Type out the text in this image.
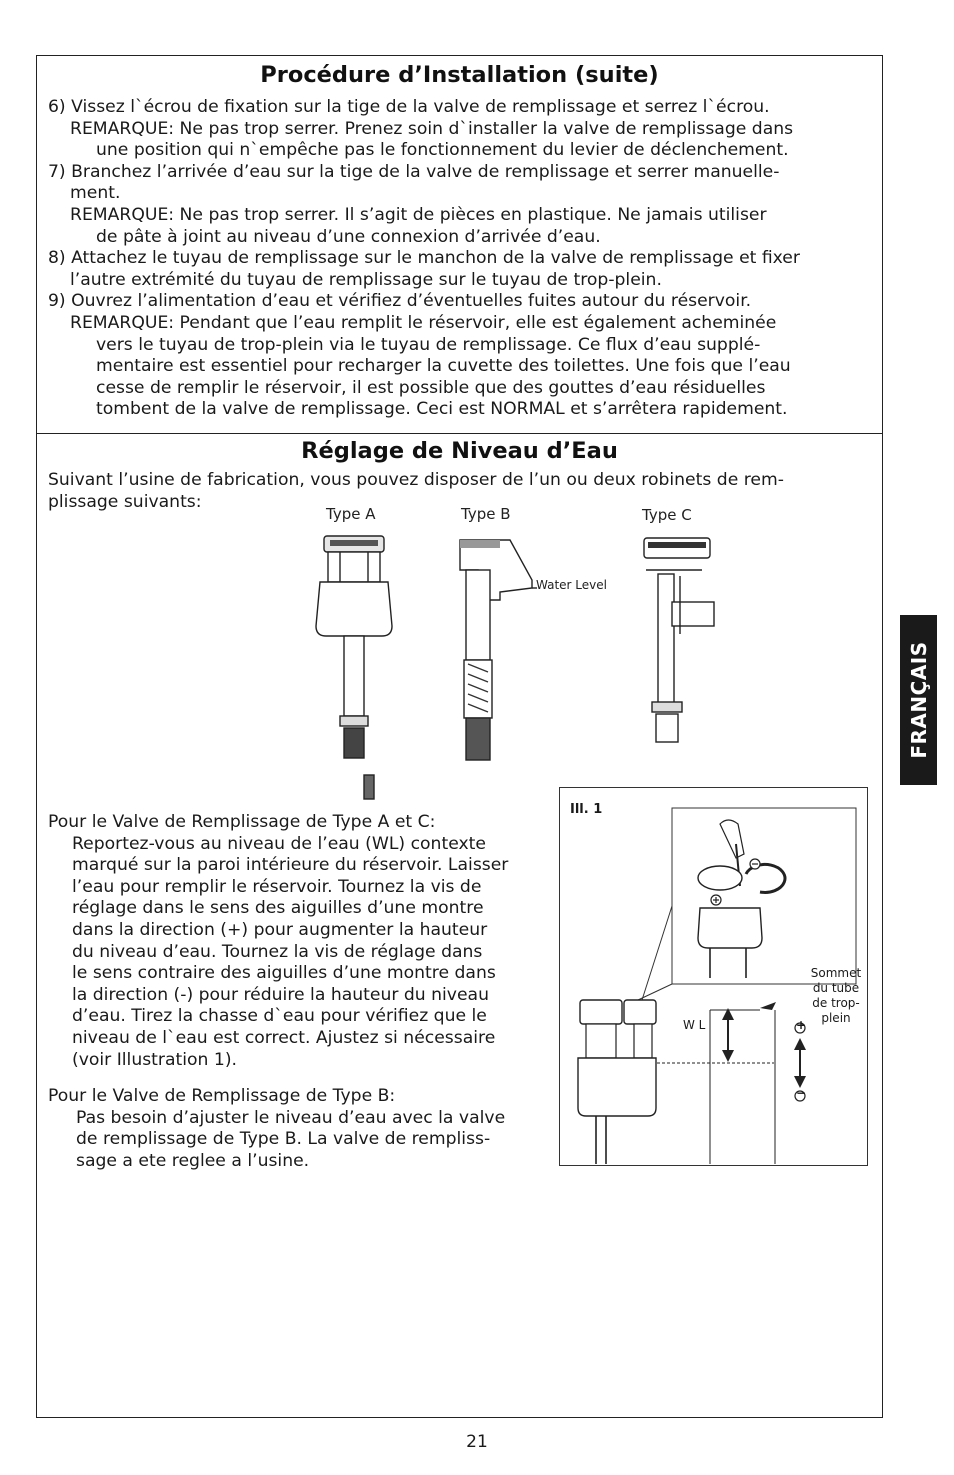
Procédure d’Installation (suite)
6) Vissez l`écrou de fixation sur la tige de la valve de remplissage et serrez l`écrou.
REMARQUE: Ne pas trop serrer. Prenez soin d`installer la valve de remplissage dans
une position qui n`empêche pas le fonctionnement du levier de déclenchement.
7) Branchez l’arrivée d’eau sur la tige de la valve de remplissage et serrer manuelle-
ment.
REMARQUE: Ne pas trop serrer. Il s’agit de pièces en plastique. Ne jamais utiliser
de pâte à joint au niveau d’une connexion d’arrivée d’eau.
8) Attachez le tuyau de remplissage sur le manchon de la valve de remplissage et fixer
l’autre extrémité du tuyau de remplissage sur le tuyau de trop-plein.
9) Ouvrez l’alimentation d’eau et vérifiez d’éventuelles fuites autour du réservoir.
REMARQUE: Pendant que l’eau remplit le réservoir, elle est également acheminée
vers le tuyau de trop-plein via le tuyau de remplissage. Ce flux d’eau supplé-
mentaire est essentiel pour recharger la cuvette des toilettes. Une fois que l’eau
cesse de remplir le réservoir, il est possible que des gouttes d’eau résiduelles
tombent de la valve de remplissage. Ceci est NORMAL et s’arrêtera rapidement.
Réglage de Niveau d’Eau
Suivant l’usine de fabrication, vous pouvez disposer de l’un ou deux robinets de rem-
plissage suivants:
Type A	Type B	Type C
Water Level
Pour le Valve de Remplissage de Type A et C:
Reportez-vous au niveau de l’eau (WL) contexte
marqué sur la paroi intérieure du réservoir. Laisser
l’eau pour remplir le réservoir. Tournez la vis de
réglage dans le sens des aiguilles d’une montre
dans la direction (+) pour augmenter la hauteur
du niveau d’eau. Tournez la vis de réglage dans
le sens contraire des aiguilles d’une montre dans
la direction (-) pour réduire la hauteur du niveau
d’eau. Tirez la chasse d`eau pour vérifiez que le
niveau de l`eau est correct. Ajustez si nécessaire
(voir Illustration 1).
Pour le Valve de Remplissage de Type B:
Pas besoin d’ajuster le niveau d’eau avec la valve
de remplissage de Type B. La valve de rempliss-
sage a ete reglee a l’usine.
Ill. 1
W L	+
−
Sommet
du tube
de trop-
plein
FRANÇAIS
21
